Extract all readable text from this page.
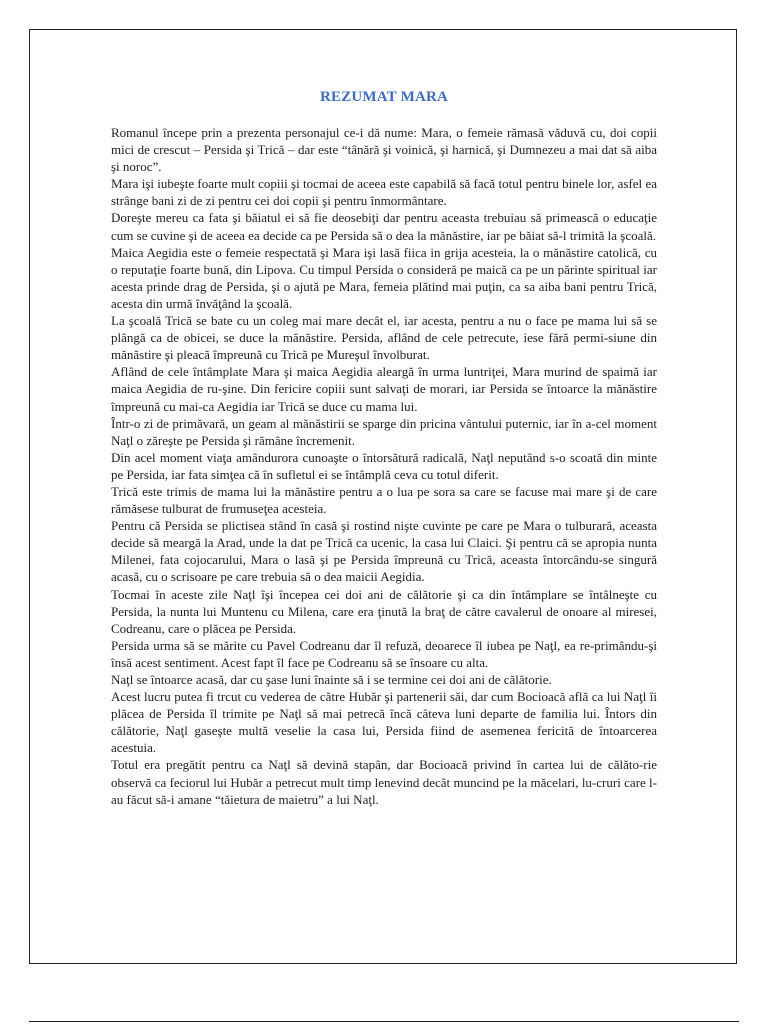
REZUMAT MARA

Romanul începe prin a prezenta personajul ce-i dă nume: Mara, o femeie rămasă văduvă cu, doi copii mici de crescut – Persida şi Trică – dar este “tânără şi voinică, şi harnică, şi Dumnezeu a mai dat să aiba şi noroc”.

Mara işi iubeşte foarte mult copiii şi tocmai de aceea este capabilă să facă totul pentru binele lor, asfel ea strânge bani zi de zi pentru cei doi copii şi pentru înmormântare.

Doreşte mereu ca fata şi băiatul ei să fie deosebiţi dar pentru aceasta trebuiau să primească o educaţie cum se cuvine şi de aceea ea decide ca pe Persida să o dea la mănăstire, iar pe băiat să-l trimită la şcoală.

Maica Aegidia este o femeie respectată şi Mara işi lasă fiica in grija acesteia, la o mănăstire catolică, cu o reputaţie foarte bună, din Lipova. Cu timpul Persida o consideră pe maică ca pe un părinte spiritual iar acesta prinde drag de Persida, şi o ajută pe Mara, femeia plătind mai puţin, ca sa aiba bani pentru Trică, acesta din urmă învăţând la şcoală.

La şcoală Trică se bate cu un coleg mai mare decât el, iar acesta, pentru a nu o face pe mama lui să se plângă ca de obicei, se duce la mănăstire. Persida, aflând de cele petrecute, iese fără permi-siune din mănăstire şi pleacă împreună cu Trică pe Mureşul învolburat.

Aflând de cele întâmplate Mara şi maica Aegidia aleargă în urma luntriţei, Mara murind de spaimă iar maica Aegidia de ru-şine. Din fericire copiii sunt salvaţi de morari, iar Persida se întoarce la mănăstire împreună cu mai-ca Aegidia iar Trică se duce cu mama lui.

Într-o zi de primăvară, un geam al mănăstirii se sparge din pricina vântului puternic, iar în a-cel moment Naţl o zăreşte pe Persida şi rămâne încremenit.

Din acel moment viaţa amândurora cunoaşte o întorsătură radicală, Naţl neputând s-o scoată din minte pe Persida, iar fata simţea că în sufletul ei se întâmplă ceva cu totul diferit.

Trică este trimis de mama lui la mănăstire pentru a o lua pe sora sa care se facuse mai mare şi de care rămăsese tulburat de frumuseţea acesteia.

Pentru că Persida se plictisea stând în casă şi rostind nişte cuvinte pe care pe Mara o tulburară, aceasta decide să meargă la Arad, unde la dat pe Trică ca ucenic, la casa lui Claici. Şi pentru că se apropia nunta Milenei, fata cojocarului, Mara o lasă şi pe Persida împreună cu Trică, aceasta întorcându-se singură acasă, cu o scrisoare pe care trebuia să o dea maicii Aegidia.

Tocmai în aceste zile Naţl îşi începea cei doi ani de călătorie şi ca din întâmplare se întâlneşte cu Persida, la nunta lui Muntenu cu Milena, care era ţinută la braţ de către cavalerul de onoare al miresei, Codreanu, care o plăcea pe Persida.

Persida urma să se mărite cu Pavel Codreanu dar îl refuză, deoarece îl iubea pe Naţl, ea re-primându-şi însă acest sentiment. Acest fapt îl face pe Codreanu să se însoare cu alta.

Naţl se întoarce acasă, dar cu şase luni înainte să i se termine cei doi ani de călătorie.

Acest lucru putea fi trcut cu vederea de către Hubăr şi partenerii săi, dar cum Bocioacă află ca lui Naţl îi plăcea de Persida îl trimite pe Naţl să mai petrecă încă câteva luni departe de familia lui. Întors din călătorie, Naţl gaseşte multă veselie la casa lui, Persida fiind de asemenea fericită de întoarcerea acestuia.

Totul era pregătit pentru ca Naţl să devină stapân, dar Bocioacă privind în cartea lui de călăto-rie observă ca feciorul lui Hubăr a petrecut mult timp lenevind decât muncind pe la măcelari, lu-cruri care l-au făcut să-i amane “tăietura de maietru” a lui Naţl.
